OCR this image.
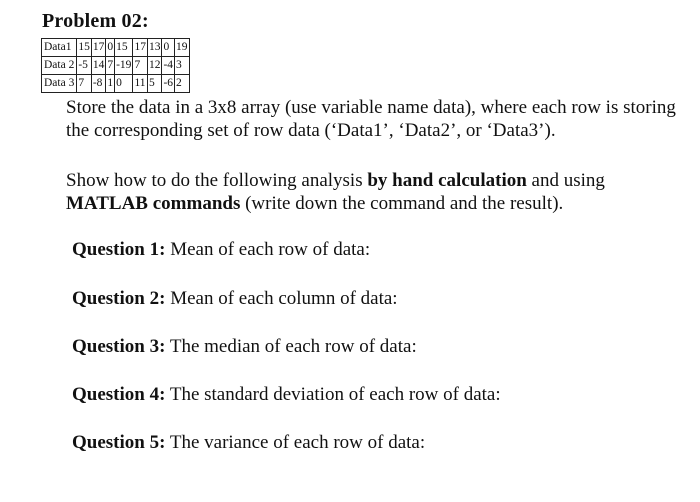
Problem 02:
Data1	15	17	0	15	17	13	0	19
Data 2	-5	14	7	-19	7	12	-4	3
Data 3	7	-8	1	0	11	5	-6	2

Store the data in a 3x8 array (use variable name data), where each row is storing the corresponding set of row data (‘Data1’, ‘Data2’, or ‘Data3’).

Show how to do the following analysis by hand calculation and using MATLAB commands (write down the command and the result).

Question 1: Mean of each row of data:

Question 2: Mean of each column of data:

Question 3: The median of each row of data:

Question 4: The standard deviation of each row of data:

Question 5: The variance of each row of data:
